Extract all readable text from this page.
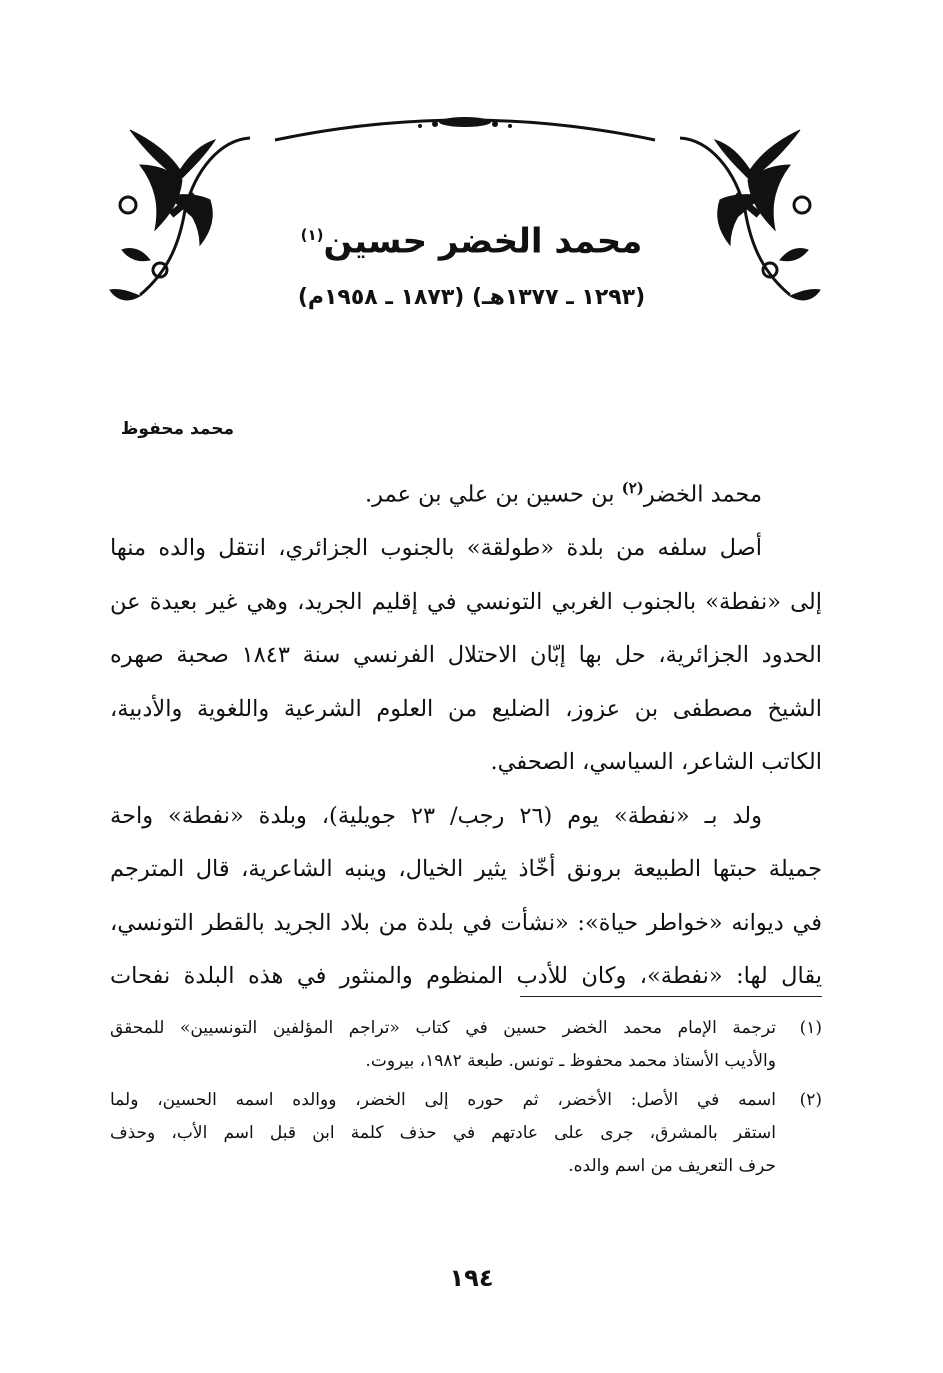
محمد الخضر حسين$^{(١)}$
(١٢٩٣ ـ ١٣٧٧هـ) (١٨٧٣ ـ ١٩٥٨م)
محمد محفوظ

محمد الخضر$^{(٢)}$ بن حسين بن علي بن عمر.

أصل سلفه من بلدة «طولقة» بالجنوب الجزائري، انتقل والده منها
إلى «نفطة» بالجنوب الغربي التونسي في إقليم الجريد، وهي غير بعيدة عن
الحدود الجزائرية، حل بها إبّان الاحتلال الفرنسي سنة ١٨٤٣ صحبة صهره
الشيخ مصطفى بن عزوز، الضليع من العلوم الشرعية واللغوية والأدبية،
الكاتب الشاعر، السياسي، الصحفي.

ولد بـ «نفطة» يوم (٢٦ رجب/ ٢٣ جويلية)، وبلدة «نفطة» واحة
جميلة حبتها الطبيعة برونق أخّاذ يثير الخيال، وينبه الشاعرية، قال المترجم
في ديوانه «خواطر حياة»: «نشأت في بلدة من بلاد الجريد بالقطر التونسي،
يقال لها: «نفطة»، وكان للأدب المنظوم والمنثور في هذه البلدة نفحات

(١)
ترجمة الإمام محمد الخضر حسين في كتاب «تراجم المؤلفين التونسيين» للمحقق
والأديب الأستاذ محمد محفوظ ـ تونس. طبعة ١٩٨٢، بيروت.
(٢)
اسمه في الأصل: الأخضر، ثم حوره إلى الخضر، ووالده اسمه الحسين، ولما
استقر بالمشرق، جرى على عادتهم في حذف كلمة ابن قبل اسم الأب، وحذف
حرف التعريف من اسم والده.
١٩٤
